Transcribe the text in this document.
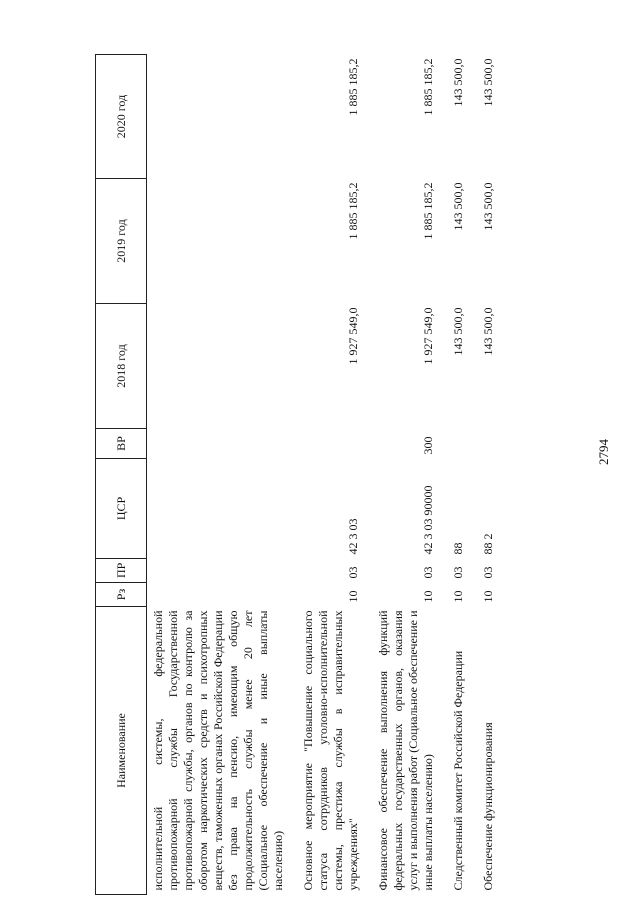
2794
Наименование	Рз	ПР	ЦСР	ВР	2018 год	2019 год	2020 год
исполнительной системы, федеральной противопожарной службы Государственной противопожарной службы, органов по контролю за оборотом наркотических средств и психотропных веществ, таможенных органах Российской Федерации без права на пенсию, имеющим общую продолжительность службы менее 20 лет (Социальное обеспечение и иные выплаты населению)							
Основное мероприятие "Повышение социального статуса сотрудников уголовно-исполнительной системы, престижа службы в исправительных учреждениях"	10	03	42 3 03		1 927 549,0	1 885 185,2	1 885 185,2
Финансовое обеспечение выполнения функций федеральных государственных органов, оказания услуг и выполнения работ (Социальное обеспечение и иные выплаты населению)	10	03	42 3 03 90000	300	1 927 549,0	1 885 185,2	1 885 185,2
Следственный комитет Российской Федерации	10	03	88		143 500,0	143 500,0	143 500,0
Обеспечение функционирования	10	03	88 2		143 500,0	143 500,0	143 500,0
